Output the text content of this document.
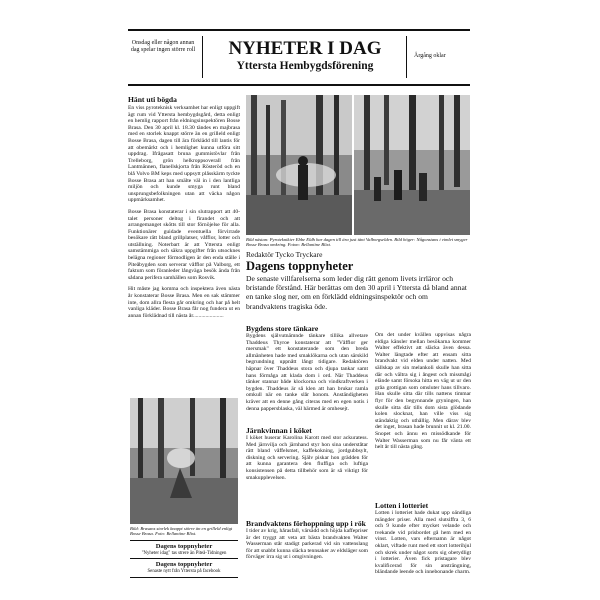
Onsdag eller någon annan dag spelar ingen större roll	NYHETER I DAG
Yttersta Hembygdsförening
Årgång oklar
Hänt uti bögda

En viss pyroteknisk verksamhet har enligt uppgift ägt rum vid Yttersta hembygdsgård, detta enligt en hemlig rapport från eldningsinspektören Bosse Brasa. Den 30 april kl. 18.30 tändes en majbrasa med en storlek knappt större än en grilleld enligt Bosse Brasa, dagen till ära förklädd till lantis för att obemärkt och i hemlighet kunna utföra sitt uppdrag. Ifrågasatt bruna gummistövlar från Trelleborg, grön helkroppsoverall från Lantmännen, flanellskjorta från Rösteröd och en blå Volvo BM keps med uppsytt plåsskärm tyckte Bosse Brasa att han smälte väl in i den lantliga miljön och kunde smyga runt bland unsprungsbefolkningen utan att väcka någon uppmärksamhet.

Bosse Brasa konstaterar i sin slutrapport att 40-talet personer deltog i firandet och att arrangemanget skötts till stor förnöjelse för alla. Funktionärer guidade eventuella förvirrade besökare rätt bland grillplatser, våfflor, lotter och utställning. Noterbart är att Yttersta enligt samstämmiga och säkra uppgifter från utsocknes belägna regioner förmodligen är den enda ställe i Piteåbygden som serverar våfflor på Valborg, ett faktum som föranleder långväga besök ända från sådana perifera samhällen som Rosvik.

Hit måste jag komma och inspektera även nästa år konstaterar Bosse Brasa. Men en sak stämmer inte, dom allra flesta går omkring och har på helt vanliga kläder. Bosse Brasa får nog fundera ut en annan förklädnad till nästa år......................

Bild nästan: Pyroteknikier Ebbe Eldh har dagen till ära just tänt Valborgselden. Bild höger: Någonstans i vimlet smyger Bosse Brasa omkring. Foton: Bellantine Blixt.
Redaktör Tycko Tryckare
Dagens toppnyheter
De senaste villfarelserna som leder dig rätt genom livets irrläror och bristande förstånd. Här berättas om den 30 april i Yttersta då bland annat en tanke slog ner, om en förklädd eldningsinspektör och om brandvaktens tragiska öde.
Bygdens store tänkare
Bygdens självutnämnde tänkare tillika allvetare Thaddeus Thyroe konstaterar att "Våfflor ger mersmak" ett konstaterande som den breda allmänheten hade med smaklökarna och utan särskild begrundning uppnått långt tidigare. Redaktören häpnar över Thaddeus stora och djupa tankar samt hans förmåga att klada dom i ord. När Thaddeus tänker stannar både klockorna och vindkraftverken i bygden. Thaddeus är så klen att han brukar ramla omkull när en tanke slår honom. Anständigheten kräver att en denne gång citeras med en egen notis i denna pappersblaska, väl härmed är omhesejt.
Järnkvinnan i köket
I köket huserar Karolina Karott med stor ackuratess. Med järnvilja och järnhand styr hon sina underståtar rätt bland våffelsmet, kaffekokning, jordgubbsylt, diskning och servering. Själv piskar hon grädden för att kunna garantera den fluffiga och luftiga konsistensen på detta tillbehör som är så viktigt för smakupplevelsen.
Brandvaktens förhoppning upp i rök
I tider av krig, hårasfall, värsädd och höjda kaffepriser är det tryggt att veta att bästa brandvakten Walter Wasserman står stadigt parkerad vid sin vattenslang för att snabbt kunna släcka tennsaker av eldsläger som förväger irra sig ut i omgivningen.
Om det under kvällen uppvisas några eldiga känsler mellan besökarna kommer Walter effektivt att släcka även dessa. Walter längtade efter att ensam sitta brandvakt vid elden under natten. Med sällskap av sin melankoli skulle han sitta där och vältra sig i ångest och missmågi elände samt försoka hitta en väg ut ur den gråa grottigan som omsluter hans tillvaro. Han skulle sitta där tills nattens timmar flyr för den begynnande gryningen, han skulle sitta där tills dom sista glödande kolen slocknat, han ville viss sig ständaktig och uthållig. Men därav blev det inget, brasan hade brunnit ut kl. 21.00. Snopet och ännu en missödkande för Walter Wasserman som nu får vänta ett helt år till nästa gång.
Lotten i lotteriet
Lotten i lotteriet hade dukat upp oändliga mängder priser. Alla med slutsiffra 3, 6 och 9 kunde efter mycket velande och tvekande vid prisbordet gå hem med en vinst. Lotten, vars efternamn är något oklart, viftade runt med ett stort lotterihjul och skrek under något sorts sig obetydligt i lotterier. Även fick pristagare blev kvalificerad för sin ansträngning, bländande leende och innebonande charm.
Bild: Brasans storlek knappt större än en grilleld enligt Bosse Brasa. Foto: Bellantine Blixt.
Dagens toppnyheter
"Nyheter idag" tas strere än Piteå-Tidningen
Dagens toppnyheter
Senaste nytt från Yttersta på facebook
